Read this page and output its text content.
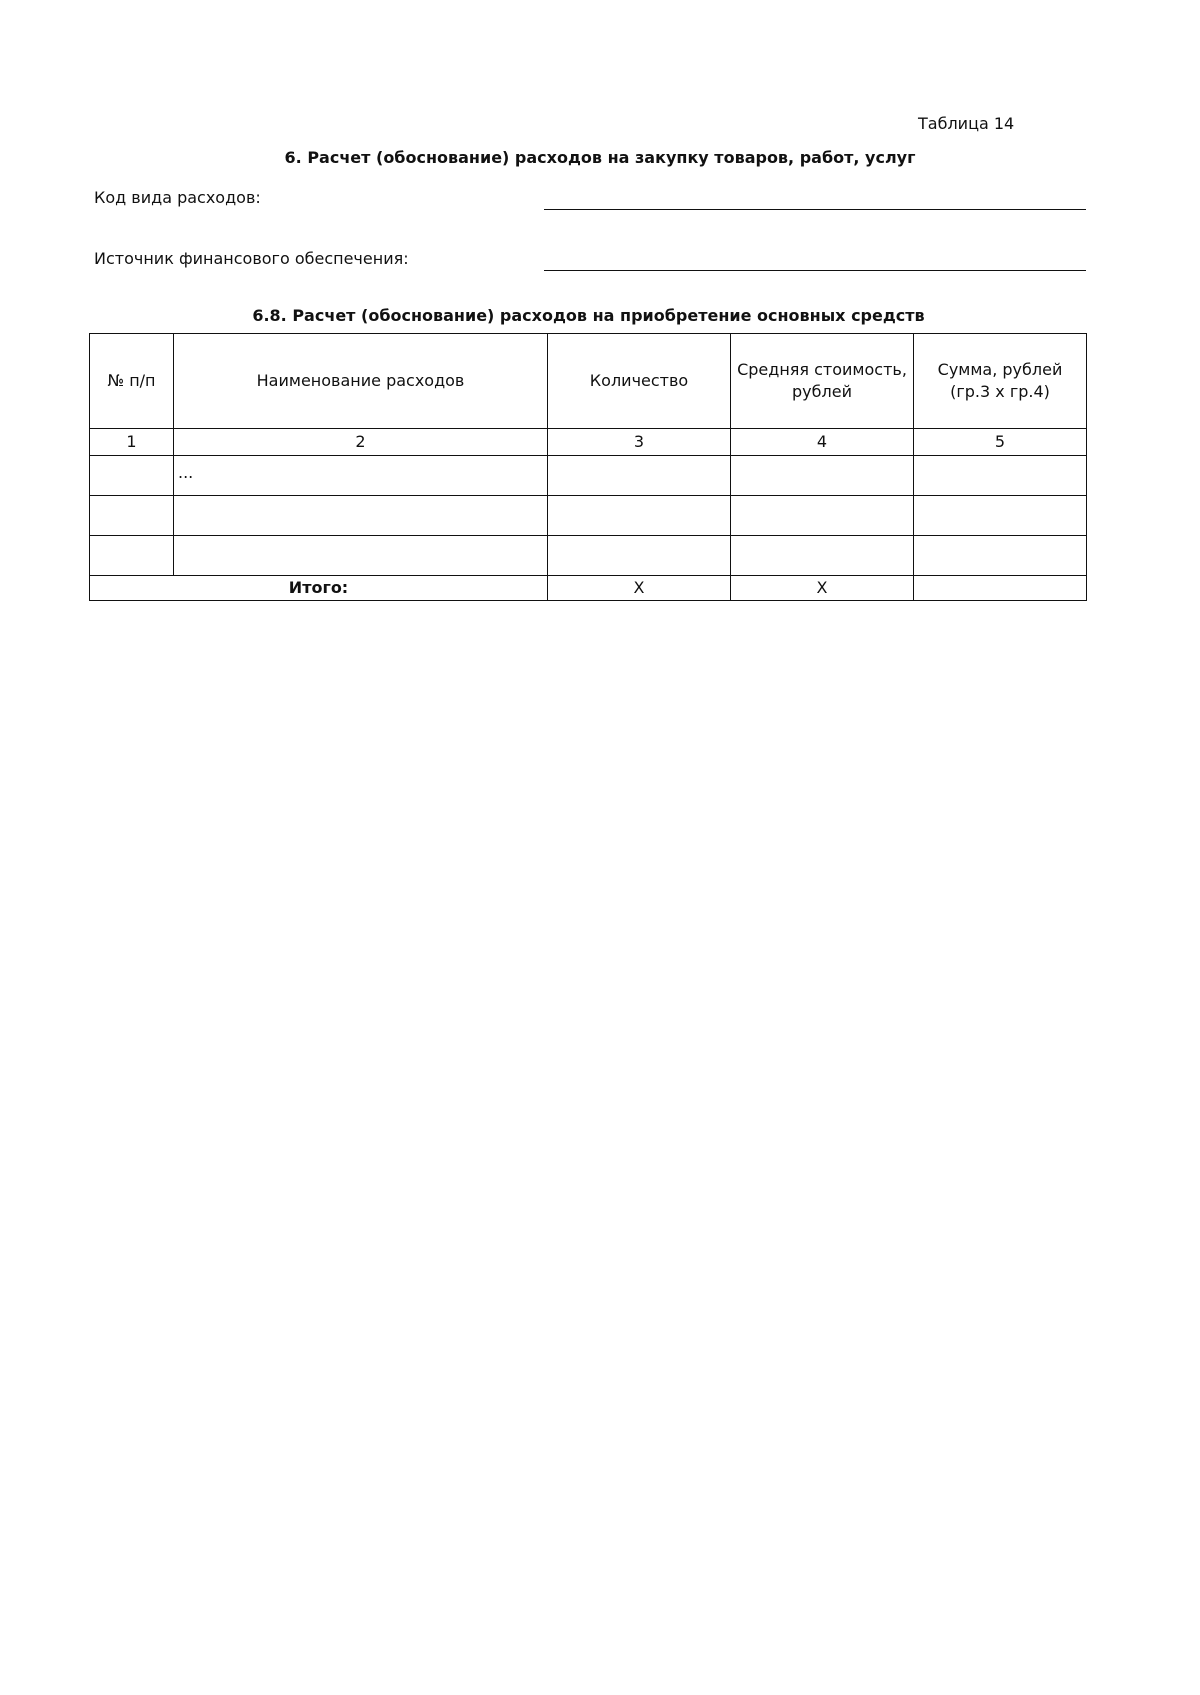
Таблица 14
6. Расчет (обоснование) расходов на закупку товаров, работ, услуг
Код вида расходов:
Источник финансового обеспечения:
6.8. Расчет (обоснование) расходов на приобретение основных средств
№ п/п	Наименование расходов	Количество	Средняя стоимость, рублей	Сумма, рублей (гр.3 x гр.4)
1	2	3	4	5
	...			

Итого:		X	X	
